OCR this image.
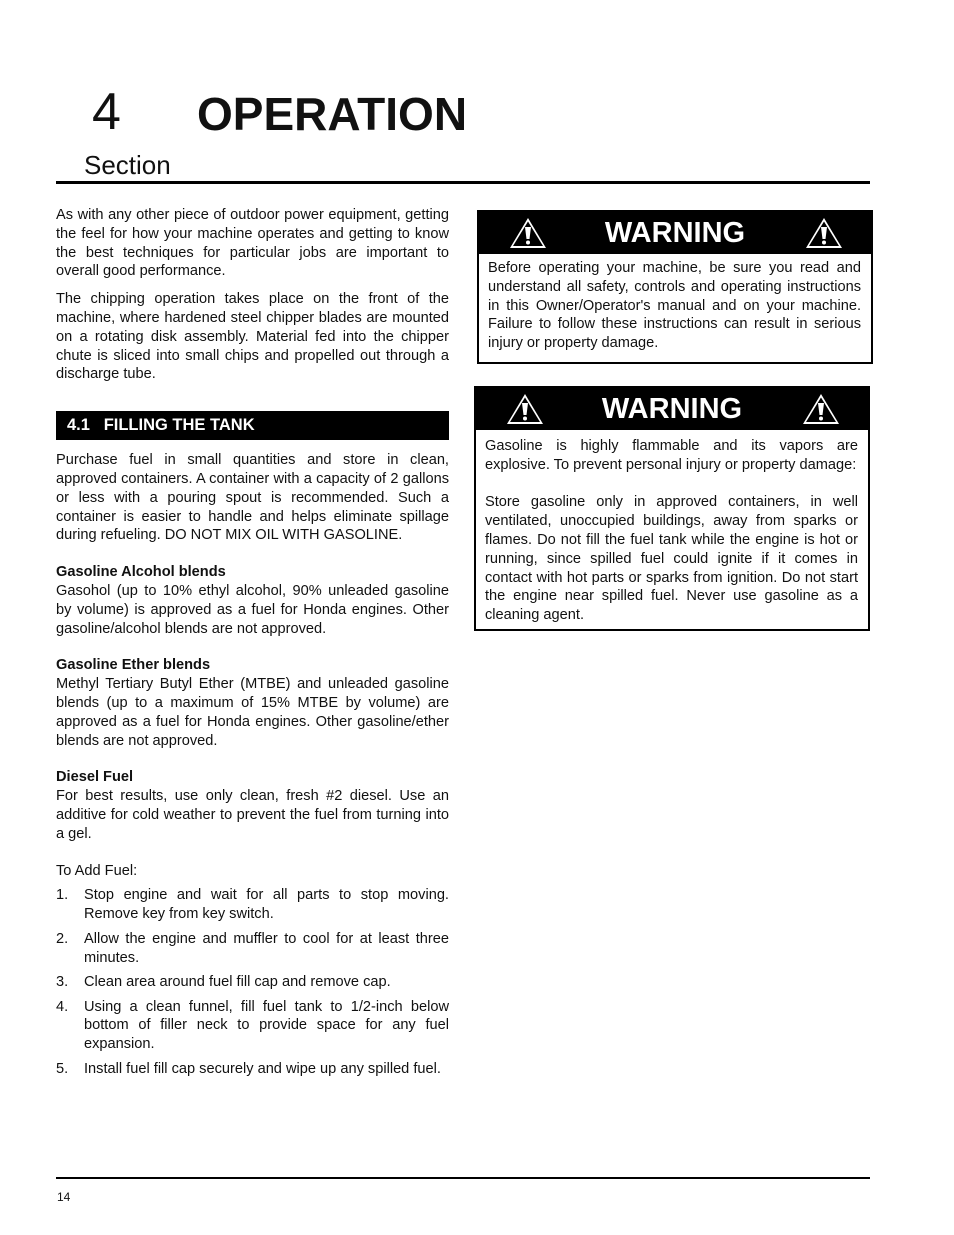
4 OPERATION
Section

As with any other piece of outdoor power equipment, getting the feel for how your machine operates and getting to know the best techniques for particular jobs are important to overall good performance.

The chipping operation takes place on the front of the machine, where hardened steel chipper blades are mounted on a rotating disk assembly. Material fed into the chipper chute is sliced into small chips and propelled out through a discharge tube.

4.1   FILLING THE TANK

Purchase fuel in small quantities and store in clean, approved containers. A container with a capacity of 2 gallons or less with a pouring spout is recommended. Such a container is easier to handle and helps eliminate spillage during refueling. DO NOT MIX OIL WITH GASOLINE.

Gasoline Alcohol blends

Gasohol (up to 10% ethyl alcohol, 90% unleaded gasoline by volume) is approved as a fuel for Honda engines. Other gasoline/alcohol blends are not approved.

Gasoline Ether blends

Methyl Tertiary Butyl Ether (MTBE) and unleaded gasoline blends (up to a maximum of 15% MTBE by volume) are approved as a fuel for Honda engines. Other gasoline/ether blends are not approved.

Diesel Fuel

For best results, use only clean, fresh #2 diesel. Use an additive for cold weather to prevent the fuel from turning into a gel.

To Add Fuel:

1.	Stop engine and wait for all parts to stop moving. Remove key from key switch.
2.	Allow the engine and muffler to cool for at least three minutes.
3.	Clean area around fuel fill cap and remove cap.
4.	Using a clean funnel, fill fuel tank to 1/2-inch below bottom of filler neck to provide space for any fuel expansion.
5.	Install fuel fill cap securely and wipe up any spilled fuel.
WARNING

Before operating your machine, be sure you read and understand all safety, controls and operating instructions in this Owner/Operator's manual and on your machine. Failure to follow these instructions can result in serious injury or property damage.

WARNING

Gasoline is highly flammable and its vapors are explosive. To prevent personal injury or property damage:

Store gasoline only in approved containers, in well ventilated, unoccupied buildings, away from sparks or flames. Do not fill the fuel tank while the engine is hot or running, since spilled fuel could ignite if it comes in contact with hot parts or sparks from ignition. Do not start the engine near spilled fuel. Never use gasoline as a cleaning agent.

14
